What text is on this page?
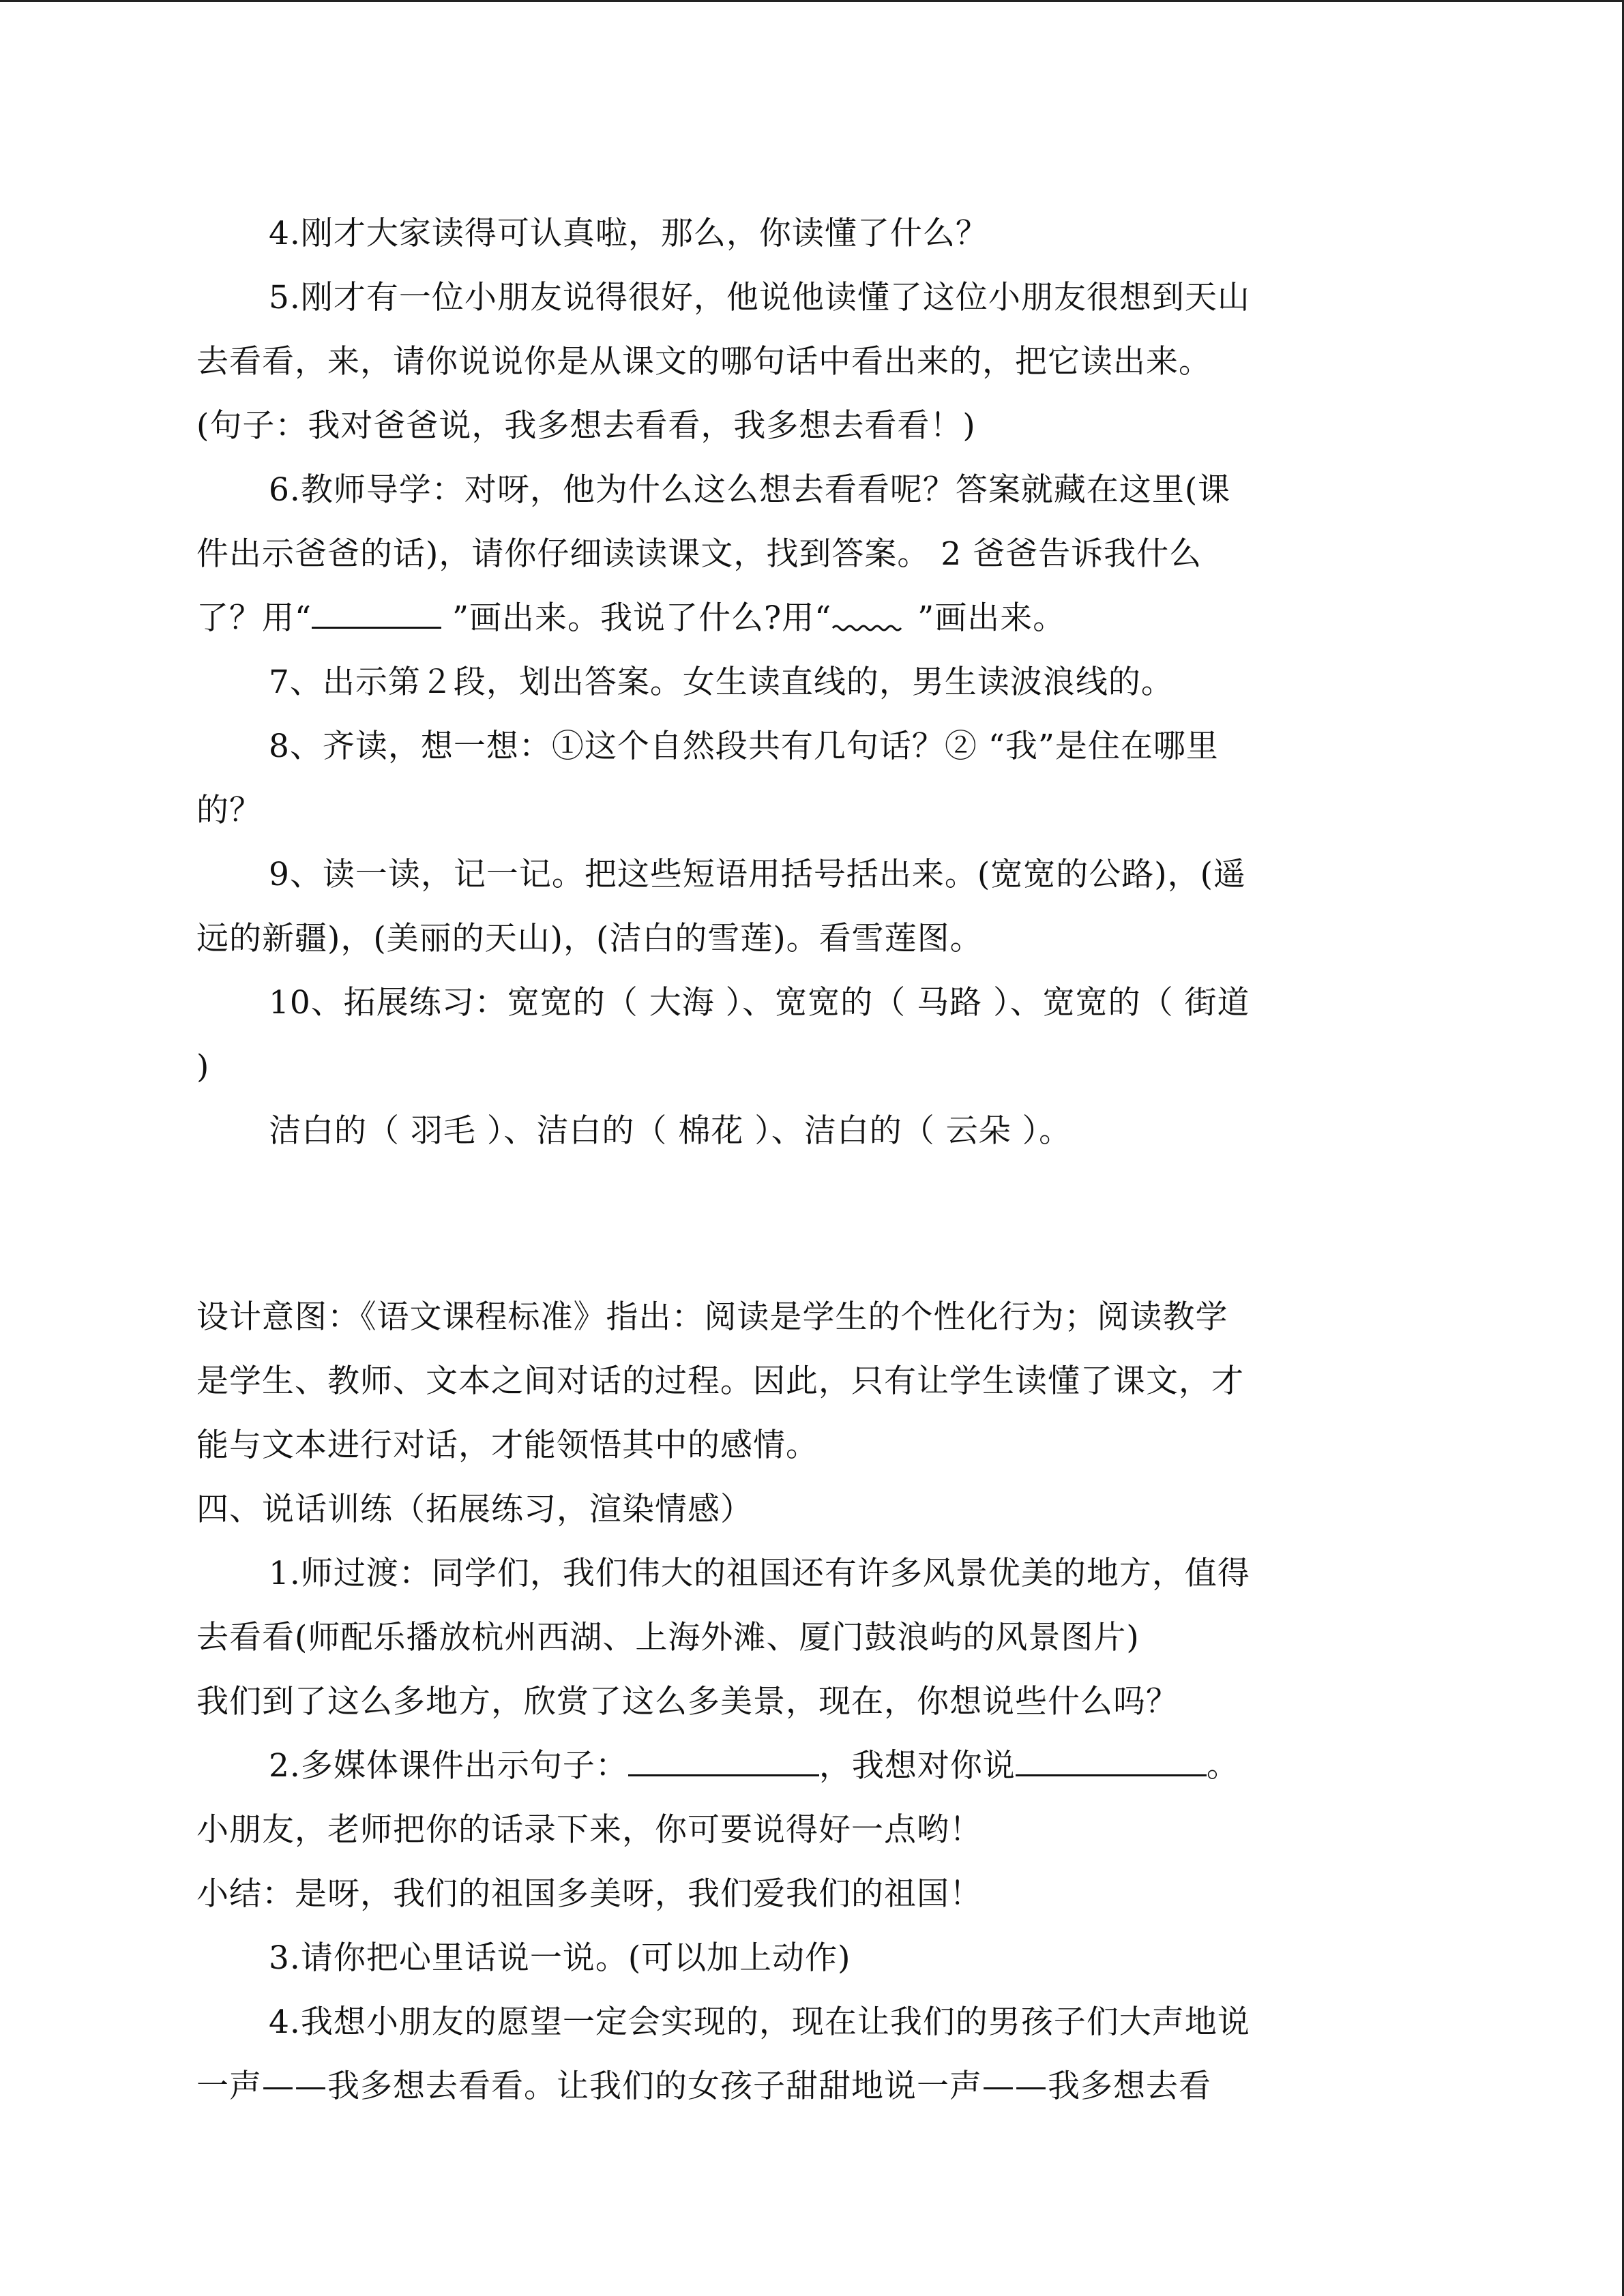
4.刚才大家读得可认真啦，那么，你读懂了什么？
5.刚才有一位小朋友说得很好，他说他读懂了这位小朋友很想到天山
去看看，来，请你说说你是从课文的哪句话中看出来的，把它读出来。
(句子：我对爸爸说，我多想去看看，我多想去看看！)
6.教师导学：对呀，他为什么这么想去看看呢？答案就藏在这里(课
件出示爸爸的话)，请你仔细读读课文，找到答案。 2 爸爸告诉我什么
了？用“	”画出来。我说了什么?用“
”画出来。
7、出示第２段，划出答案。女生读直线的，男生读波浪线的。
8、齐读，想一想：①这个自然段共有几句话？② “我”是住在哪里
的？
9、读一读，记一记。把这些短语用括号括出来。(宽宽的公路)，(遥
远的新疆)，(美丽的天山)，(洁白的雪莲)。看雪莲图。
10、拓展练习：宽宽的（ 大海 ）、宽宽的（ 马路 ）、宽宽的（ 街道
)
洁白的（ 羽毛 ）、洁白的（ 棉花 ）、洁白的（ 云朵 ）。
设计意图：《语文课程标准》指出：阅读是学生的个性化行为；阅读教学
是学生、教师、文本之间对话的过程。因此，只有让学生读懂了课文，才
能与文本进行对话，才能领悟其中的感情。
四、说话训练（拓展练习，渲染情感）
1.师过渡：同学们，我们伟大的祖国还有许多风景优美的地方，值得
去看看(师配乐播放杭州西湖、上海外滩、厦门鼓浪屿的风景图片)
我们到了这么多地方，欣赏了这么多美景，现在，你想说些什么吗？
2.多媒体课件出示句子：	，我想对你说	。
小朋友，老师把你的话录下来，你可要说得好一点哟！
小结：是呀，我们的祖国多美呀，我们爱我们的祖国！
3.请你把心里话说一说。(可以加上动作)
4.我想小朋友的愿望一定会实现的，现在让我们的男孩子们大声地说
一声——我多想去看看。让我们的女孩子甜甜地说一声——我多想去看
